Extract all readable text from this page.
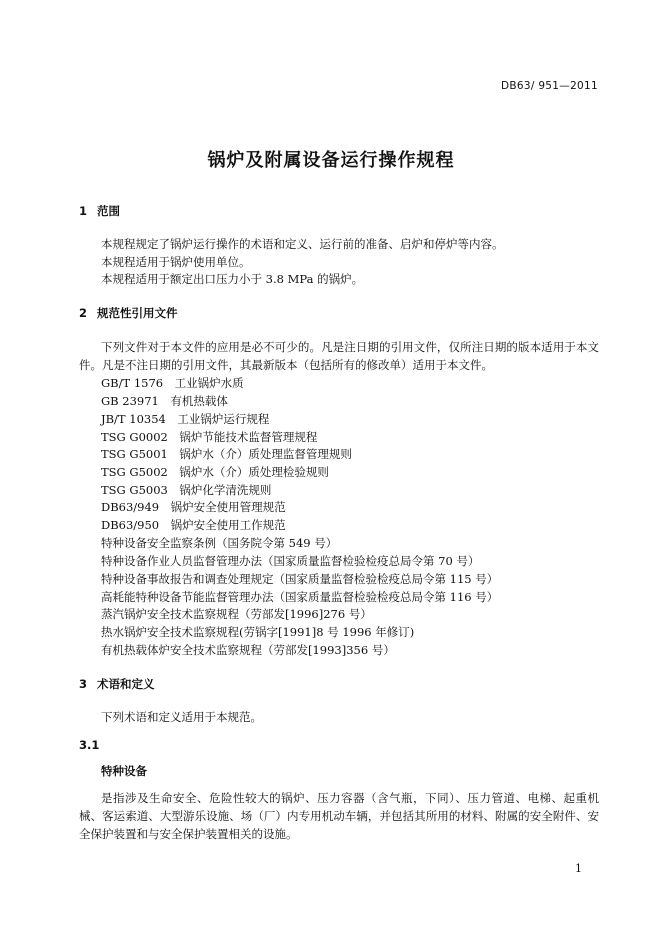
DB63/ 951—2011
锅炉及附属设备运行操作规程
1 范围
本规程规定了锅炉运行操作的术语和定义、运行前的准备、启炉和停炉等内容。
本规程适用于锅炉使用单位。
本规程适用于额定出口压力小于 3.8 MPa 的锅炉。
2 规范性引用文件
下列文件对于本文件的应用是必不可少的。凡是注日期的引用文件，仅所注日期的版本适用于本文件。凡是不注日期的引用文件，其最新版本（包括所有的修改单）适用于本文件。
GB/T 1576　工业锅炉水质
GB 23971　有机热载体
JB/T 10354　工业锅炉运行规程
TSG G0002　锅炉节能技术监督管理规程
TSG G5001　锅炉水（介）质处理监督管理规则
TSG G5002　锅炉水（介）质处理检验规则
TSG G5003　锅炉化学清洗规则
DB63/949　锅炉安全使用管理规范
DB63/950　锅炉安全使用工作规范
特种设备安全监察条例（国务院令第 549 号）
特种设备作业人员监督管理办法（国家质量监督检验检疫总局令第 70 号）
特种设备事故报告和调查处理规定（国家质量监督检验检疫总局令第 115 号）
高耗能特种设备节能监督管理办法（国家质量监督检验检疫总局令第 116 号）
蒸汽锅炉安全技术监察规程（劳部发[1996]276 号）
热水锅炉安全技术监察规程(劳锅字[1991]8 号 1996 年修订)
有机热载体炉安全技术监察规程（劳部发[1993]356 号）
3 术语和定义
下列术语和定义适用于本规范。
3.1
特种设备
是指涉及生命安全、危险性较大的锅炉、压力容器（含气瓶，下同）、压力管道、电梯、起重机械、客运索道、大型游乐设施、场（厂）内专用机动车辆，并包括其所用的材料、附属的安全附件、安全保护装置和与安全保护装置相关的设施。
1
